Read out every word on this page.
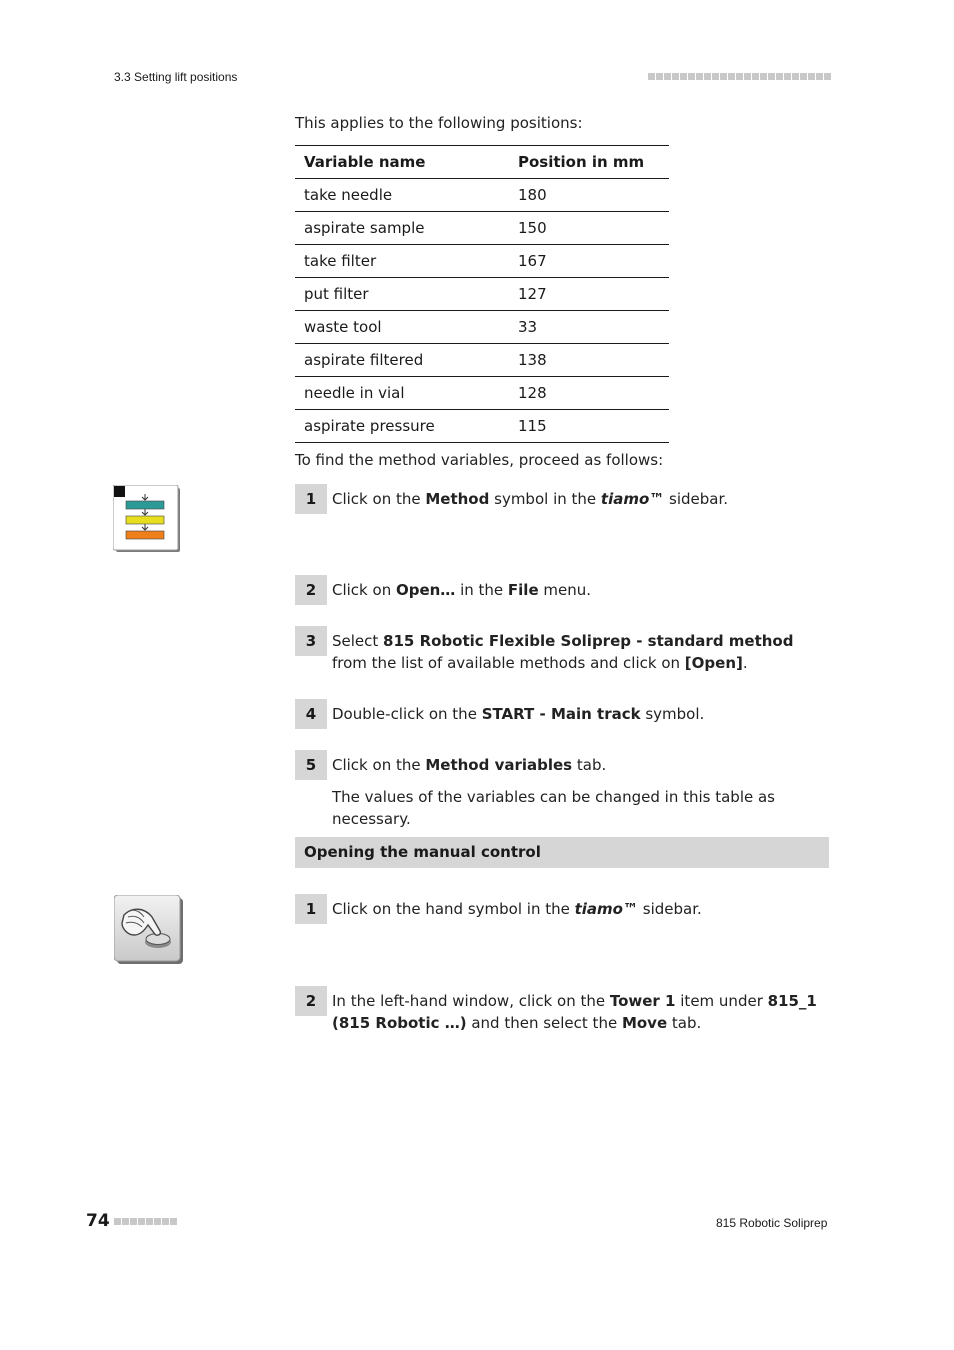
3.3 Setting lift positions
This applies to the following positions:
Variable name	Position in mm
take needle	180
aspirate sample	150
take filter	167
put filter	127
waste tool	33
aspirate filtered	138
needle in vial	128
aspirate pressure	115
To find the method variables, proceed as follows:
1	Click on the Method symbol in the tiamo™ sidebar.
2	Click on Open… in the File menu.
3	Select 815 Robotic Flexible Soliprep - standard method from the list of available methods and click on [Open].
4	Double-click on the START - Main track symbol.
5	Click on the Method variables tab.
The values of the variables can be changed in this table as necessary.
Opening the manual control
1	Click on the hand symbol in the tiamo™ sidebar.
2	In the left-hand window, click on the Tower 1 item under 815_1 (815 Robotic …) and then select the Move tab.
74	815 Robotic Soliprep
